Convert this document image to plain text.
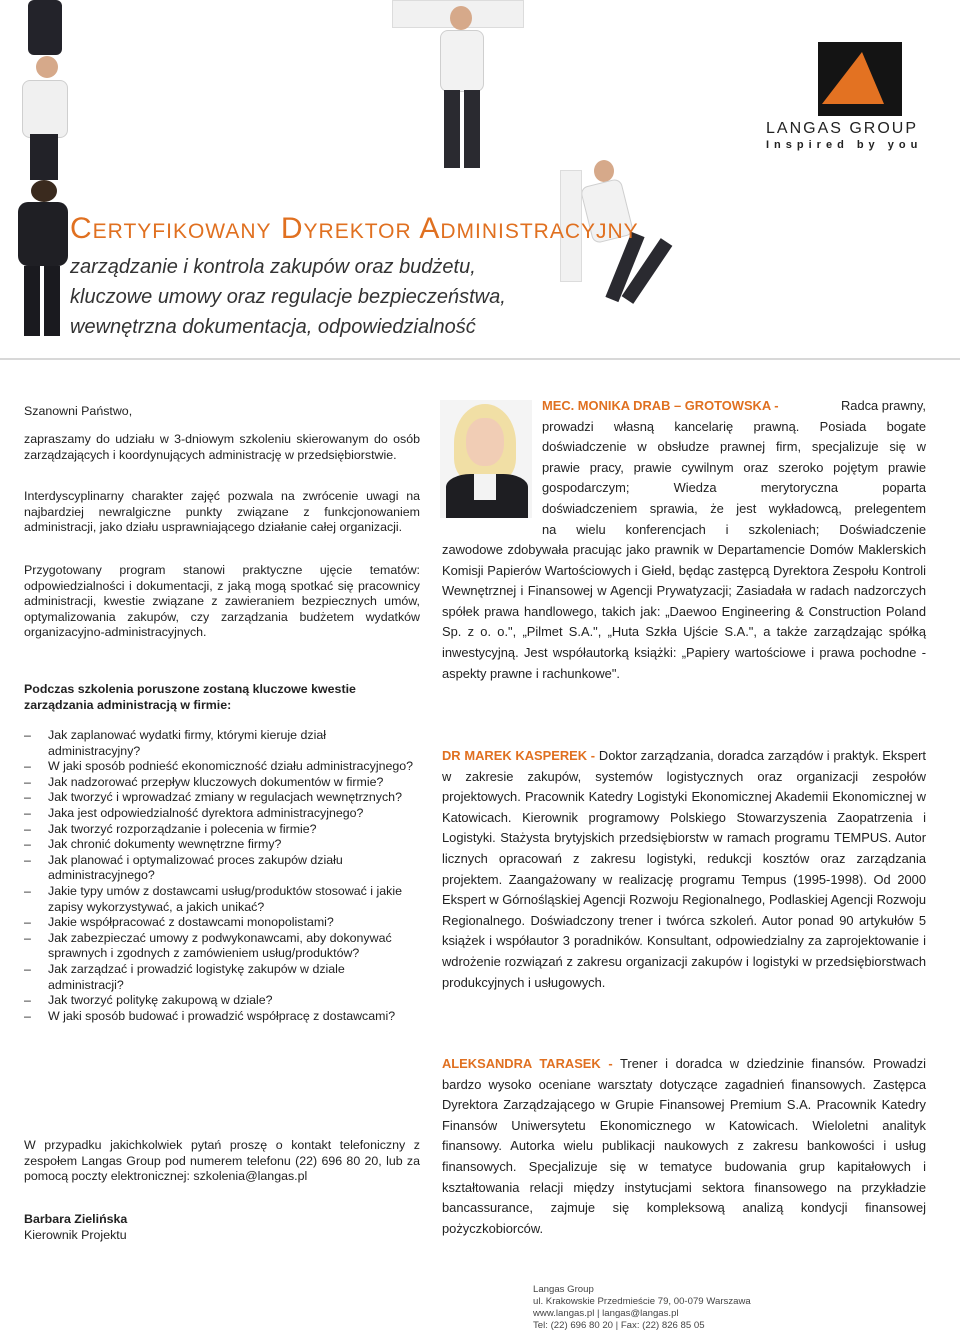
LANGAS GROUP
Inspired by you
Certyfikowany Dyrektor Administracyjny
zarządzanie i kontrola zakupów oraz budżetu,
kluczowe umowy oraz regulacje bezpieczeństwa,
wewnętrzna dokumentacja, odpowiedzialność
Szanowni Państwo,
zapraszamy do udziału w 3-dniowym szkoleniu skierowanym do osób zarządzających i koordynujących administrację w przedsiębiorstwie.
Interdyscyplinarny charakter zajęć pozwala na zwrócenie uwagi na najbardziej newralgiczne punkty związane z funkcjonowaniem administracji, jako działu usprawniającego działanie całej organizacji.
Przygotowany program stanowi praktyczne ujęcie tematów: odpowiedzialności i dokumentacji, z jaką mogą spotkać się pracownicy administracji, kwestie związane z zawieraniem bezpiecznych umów, optymalizowania zakupów, czy zarządzania budżetem wydatków organizacyjno-administracyjnych.
Podczas szkolenia poruszone zostaną kluczowe kwestie zarządzania administracją w firmie:
– Jak zaplanować wydatki firmy, którymi kieruje dział administracyjny?
– W jaki sposób podnieść ekonomiczność działu administracyjnego?
– Jak nadzorować przepływ kluczowych dokumentów w firmie?
– Jak tworzyć i wprowadzać zmiany w regulacjach wewnętrznych?
– Jaka jest odpowiedzialność dyrektora administracyjnego?
– Jak tworzyć rozporządzanie i polecenia w firmie?
– Jak chronić dokumenty wewnętrzne firmy?
– Jak planować i optymalizować proces zakupów działu administracyjnego?
– Jakie typy umów z dostawcami usług/produktów stosować i jakie zapisy wykorzystywać, a jakich unikać?
– Jakie współpracować z dostawcami monopolistami?
– Jak zabezpieczać umowy z podwykonawcami, aby dokonywać sprawnych i zgodnych z zamówieniem usług/produktów?
– Jak zarządzać i prowadzić logistykę zakupów w dziale administracji?
– Jak tworzyć politykę zakupową w dziale?
– W jaki sposób budować i prowadzić współpracę z dostawcami?
W przypadku jakichkolwiek pytań proszę o kontakt telefoniczny z zespołem Langas Group pod numerem telefonu (22) 696 80 20, lub za pomocą poczty elektronicznej: szkolenia@langas.pl
Barbara Zielińska
Kierownik Projektu
MEC. MONIKA DRAB – GROTOWSKA -	Radca prawny,
prowadzi własną kancelarię prawną. Posiada bogate
doświadczenie w obsłudze prawnej firm, specjalizuje się w
prawie pracy, prawie cywilnym oraz szeroko pojętym prawie
gospodarczym; Wiedza merytoryczna poparta
doświadczeniem sprawia, że jest wykładowcą, prelegentem
na wielu konferencjach i szkoleniach; Doświadczenie
zawodowe zdobywała pracując jako prawnik w Departamencie Domów Maklerskich Komisji Papierów Wartościowych i Giełd, będąc zastępcą Dyrektora Zespołu Kontroli Wewnętrznej i Finansowej w Agencji Prywatyzacji; Zasiadała w radach nadzorczych spółek prawa handlowego, takich jak: „Daewoo Engineering & Construction Poland Sp. z o. o.", „Pilmet S.A.", „Huta Szkła Ujście S.A.", a także zarządzając spółką inwestycyjną. Jest współautorką książki: „Papiery wartościowe i prawa pochodne - aspekty prawne i rachunkowe".
DR MAREK KASPEREK - Doktor zarządzania, doradca zarządów i praktyk. Ekspert w zakresie zakupów, systemów logistycznych oraz organizacji zespołów projektowych. Pracownik Katedry Logistyki Ekonomicznej Akademii Ekonomicznej w Katowicach. Kierownik programowy Polskiego Stowarzyszenia Zaopatrzenia i Logistyki. Stażysta brytyjskich przedsiębiorstw w ramach programu TEMPUS. Autor licznych opracowań z zakresu logistyki, redukcji kosztów oraz zarządzania projektem. Zaangażowany w realizację programu Tempus (1995-1998). Od 2000 Ekspert w Górnośląskiej Agencji Rozwoju Regionalnego, Podlaskiej Agencji Rozwoju Regionalnego. Doświadczony trener i twórca szkoleń. Autor ponad 90 artykułów 5 książek i współautor 3 poradników. Konsultant, odpowiedzialny za zaprojektowanie i wdrożenie rozwiązań z zakresu organizacji zakupów i logistyki w przedsiębiorstwach produkcyjnych i usługowych.
ALEKSANDRA TARASEK - Trener i doradca w dziedzinie finansów. Prowadzi bardzo wysoko oceniane warsztaty dotyczące zagadnień finansowych. Zastępca Dyrektora Zarządzającego w Grupie Finansowej Premium S.A. Pracownik Katedry Finansów Uniwersytetu Ekonomicznego w Katowicach. Wieloletni analityk finansowy. Autorka wielu publikacji naukowych z zakresu bankowości i usług finansowych. Specjalizuje się w tematyce budowania grup kapitałowych i kształtowania relacji między instytucjami sektora finansowego na przykładzie bancassurance, zajmuje się kompleksową analizą kondycji finansowej pożyczkobiorców.
Langas Group
ul. Krakowskie Przedmieście 79, 00-079 Warszawa
www.langas.pl | langas@langas.pl
Tel: (22) 696 80 20 | Fax: (22) 826 85 05
